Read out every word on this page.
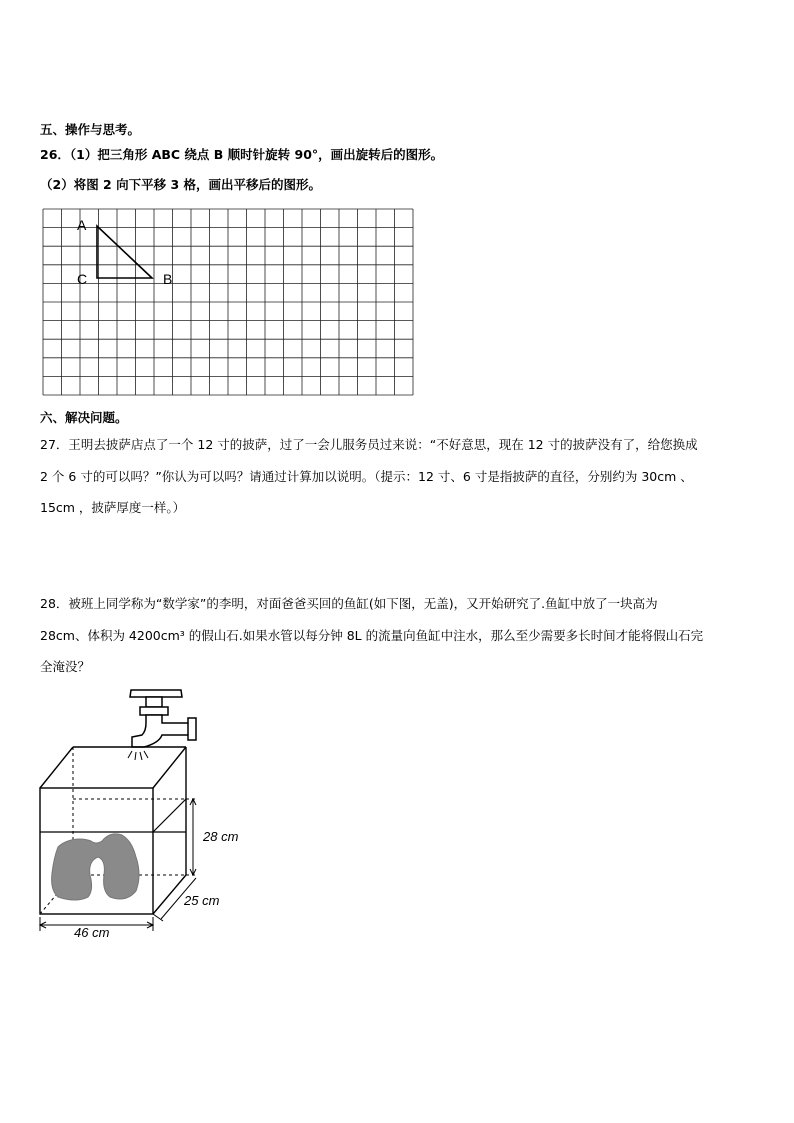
五、操作与思考。
26．（1）把三角形 ABC 绕点 B 顺时针旋转 90°，画出旋转后的图形。
（2）将图 2 向下平移 3 格，画出平移后的图形。
A
C	B
六、解决问题。
27．王明去披萨店点了一个 12 寸的披萨，过了一会儿服务员过来说：“不好意思，现在 12 寸的披萨没有了，给您换成
2 个 6 寸的可以吗？”你认为可以吗？请通过计算加以说明。（提示：12 寸、6 寸是指披萨的直径，分别约为 30cm 、
15cm ，披萨厚度一样。）
28．被班上同学称为“数学家”的李明，对面爸爸买回的鱼缸(如下图，无盖)，又开始研究了.鱼缸中放了一块高为
28cm、体积为 4200cm³ 的假山石.如果水管以每分钟 8L 的流量向鱼缸中注水，那么至少需要多长时间才能将假山石完
全淹没？
28 cm
25 cm
46 cm
